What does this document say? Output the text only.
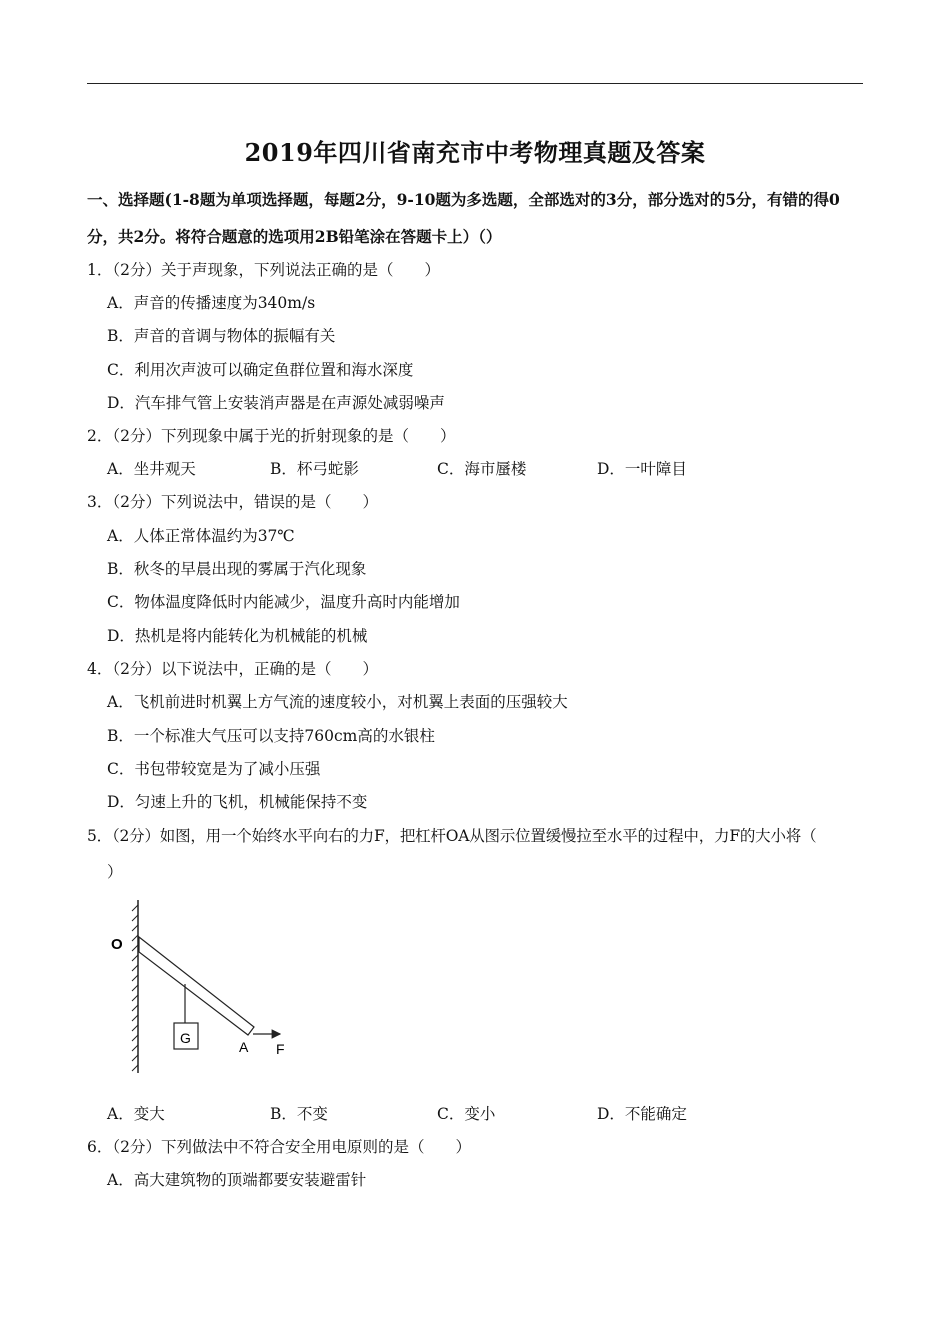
2019年四川省南充市中考物理真题及答案
一、选择题(1-8题为单项选择题，每题2分，9-10题为多选题，全部选对的3分，部分选对的5分，有错的得0
分，共2分。将符合题意的选项用2B铅笔涂在答题卡上）（）
1．（2分）关于声现象，下列说法正确的是（　　）
A．声音的传播速度为340m/s
B．声音的音调与物体的振幅有关
C．利用次声波可以确定鱼群位置和海水深度
D．汽车排气管上安装消声器是在声源处减弱噪声
2．（2分）下列现象中属于光的折射现象的是（　　）
A．坐井观天	B．杯弓蛇影	C．海市蜃楼	D．一叶障目
3．（2分）下列说法中，错误的是（　　）
A．人体正常体温约为37℃
B．秋冬的早晨出现的雾属于汽化现象
C．物体温度降低时内能减少，温度升高时内能增加
D．热机是将内能转化为机械能的机械
4．（2分）以下说法中，正确的是（　　）
A．飞机前进时机翼上方气流的速度较小，对机翼上表面的压强较大
B．一个标准大气压可以支持760cm高的水银柱
C．书包带较宽是为了减小压强
D．匀速上升的飞机，机械能保持不变
5．（2分）如图，用一个始终水平向右的力F，把杠杆OA从图示位置缓慢拉至水平的过程中，力F的大小将（
）
O
G
A F
A．变大	B．不变	C．变小	D．不能确定
6．（2分）下列做法中不符合安全用电原则的是（　　）
A．高大建筑物的顶端都要安装避雷针
